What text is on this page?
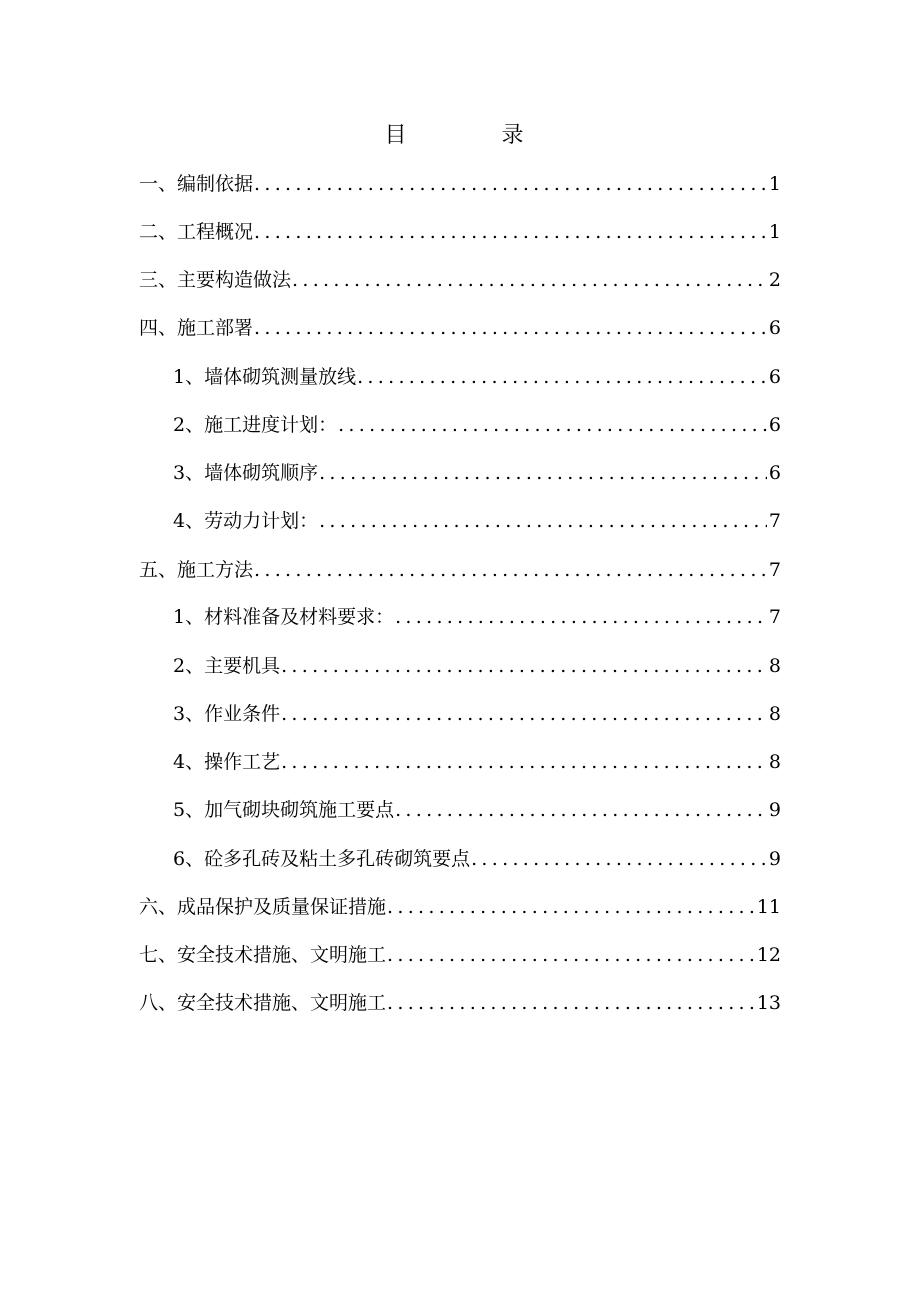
目 录
一、编制依据 .....	1
二、工程概况 .....	1
三、主要构造做法 .....	2
四、施工部署 .....	6
1、墙体砌筑测量放线 .....	6
2、施工进度计划： .....	6
3、墙体砌筑顺序 .....	6
4、劳动力计划： .....	7
五、施工方法 .....	7
1、材料准备及材料要求： .....	7
2、主要机具 .....	8
3、作业条件 .....	8
4、操作工艺 .....	8
5、加气砌块砌筑施工要点 .....	9
6、砼多孔砖及粘土多孔砖砌筑要点 .....	9
六、成品保护及质量保证措施 .....	11
七、安全技术措施、文明施工 .....	12
八、安全技术措施、文明施工 .....	13
